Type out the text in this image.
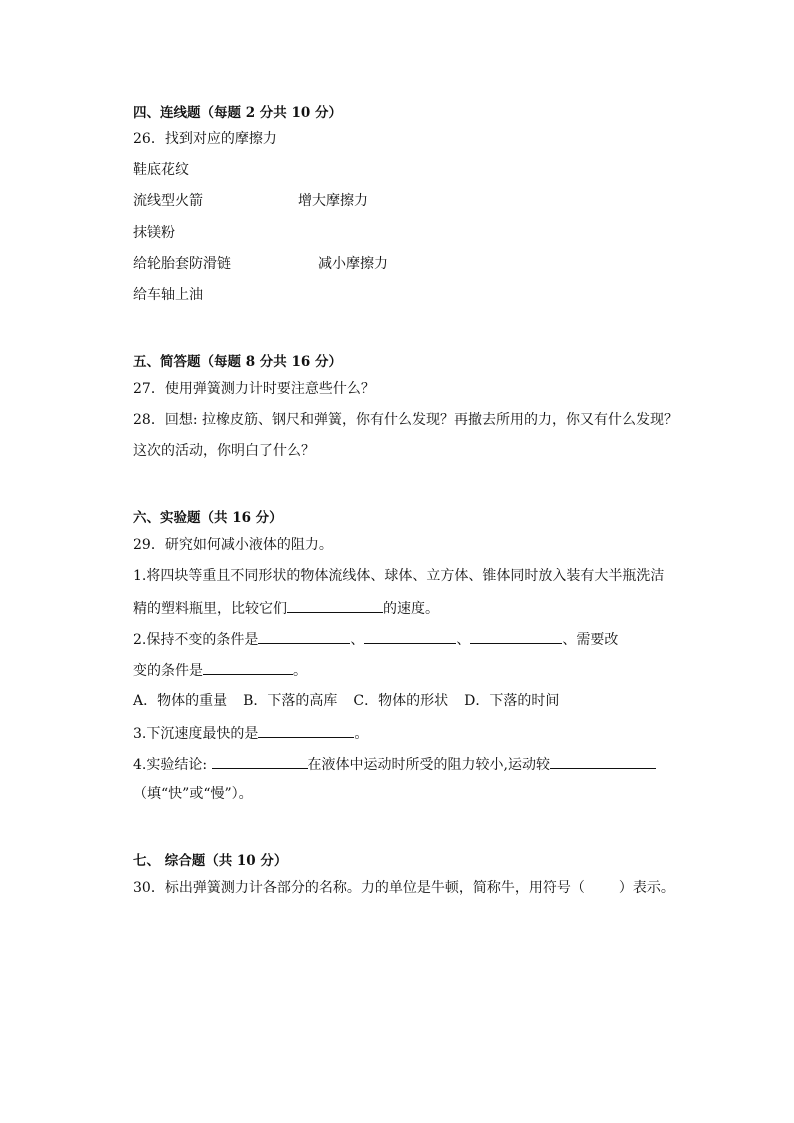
四、连线题（每题 2 分共 10 分）
26．找到对应的摩擦力
鞋底花纹
流线型火箭	增大摩擦力
抹镁粉
给轮胎套防滑链	减小摩擦力
给车轴上油
五、简答题（每题 8 分共 16 分）
27．使用弹簧测力计时要注意些什么？
28．回想: 拉橡皮筋、钢尺和弹簧，你有什么发现？再撤去所用的力，你又有什么发现？
这次的活动，你明白了什么？
六、实验题（共 16 分）
29．研究如何减小液体的阻力。
1.将四块等重且不同形状的物体流线体、球体、立方体、锥体同时放入装有大半瓶洗洁
精的塑料瓶里，比较它们	的速度。
2.保持不变的条件是	、	、	、需要改
变的条件是	。
A．物体的重量 B．下落的高库 C．物体的形状 D．下落的时间
3.下沉速度最快的是	。
4.实验结论:	在液体中运动时所受的阻力较小,运动较
（填“快”或“慢”）。
七、 综合题（共 10 分）
30．标出弹簧测力计各部分的名称。力的单位是牛顿，简称牛，用符号（ ）表示。
